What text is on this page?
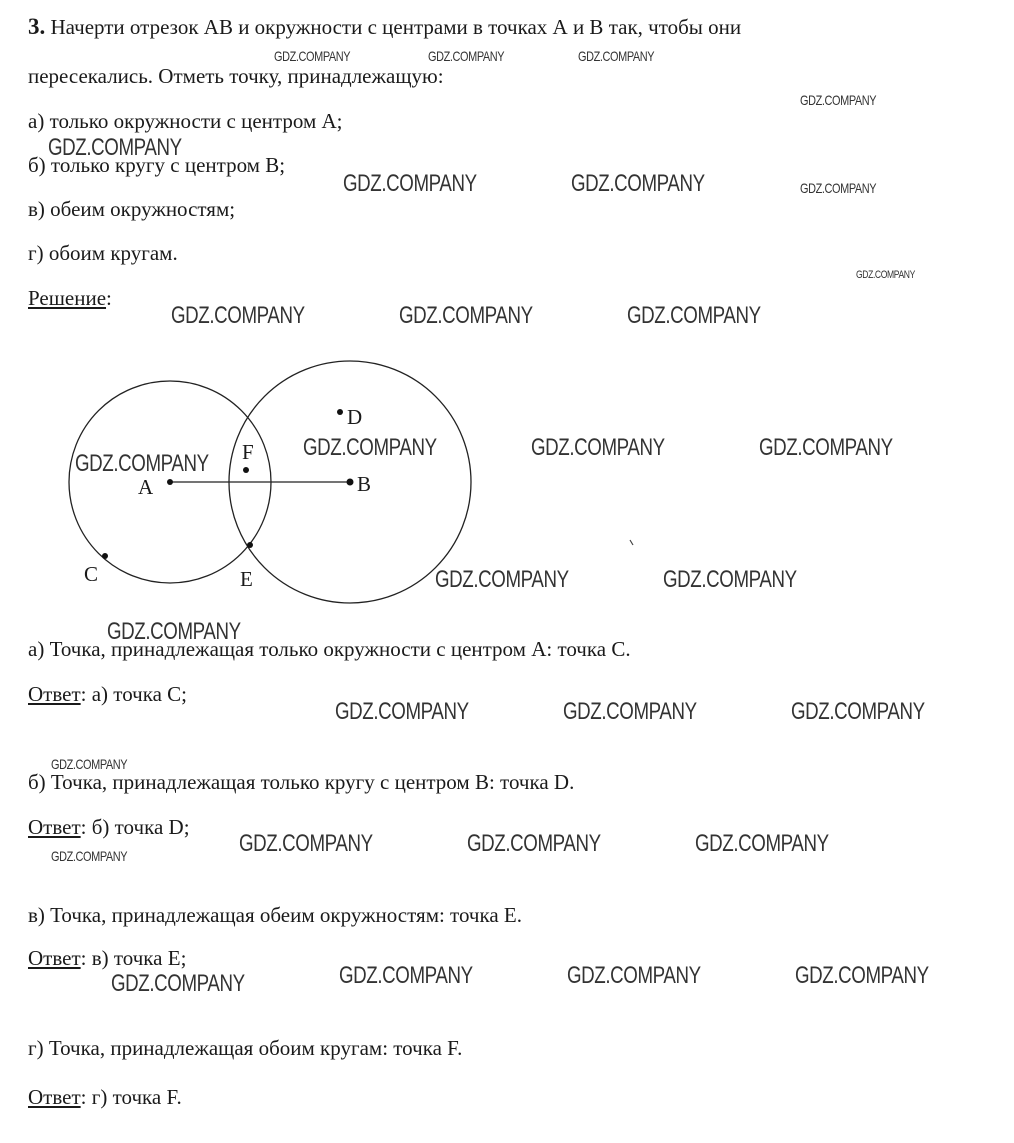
3. Начерти отрезок АВ и окружности с центрами в точках А и В так, чтобы они
пересекались. Отметь точку, принадлежащую:
а) только окружности с центром А;
б) только кругу с центром В;
в) обеим окружностям;
г) обоим кругам.
Решение:
A	B
C
D
E
F
а) Точка, принадлежащая только окружности с центром А: точка С.
Ответ: а) точка С;
б) Точка, принадлежащая только кругу с центром В: точка D.
Ответ: б) точка D;
в) Точка, принадлежащая обеим окружностям: точка Е.
Ответ: в) точка Е;
г) Точка, принадлежащая обоим кругам: точка F.
Ответ: г) точка F.
GDZ.COMPANY	GDZ.COMPANY	GDZ.COMPANY
GDZ.COMPANY
GDZ.COMPANY
GDZ.COMPANY	GDZ.COMPANY	GDZ.COMPANY
GDZ.COMPANY
GDZ.COMPANY	GDZ.COMPANY	GDZ.COMPANY
GDZ.COMPANY
GDZ.COMPANY	GDZ.COMPANY	GDZ.COMPANY
GDZ.COMPANY	GDZ.COMPANY
GDZ.COMPANY
GDZ.COMPANY	GDZ.COMPANY	GDZ.COMPANY
GDZ.COMPANY
GDZ.COMPANY	GDZ.COMPANY	GDZ.COMPANY
GDZ.COMPANY
GDZ.COMPANY	GDZ.COMPANY	GDZ.COMPANY	GDZ.COMPANY
